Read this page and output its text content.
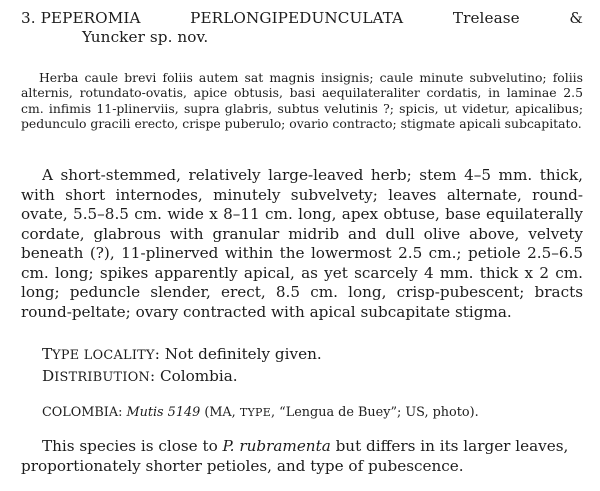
3. PEPEROMIA	PERLONGIPEDUNCULATA	Trelease	&
Yuncker sp. nov.
Herba caule brevi foliis autem sat magnis insignis; caule minute subvelutino; foliis alternis, rotundato-ovatis, apice obtusis, basi aequilateraliter cordatis, in laminae 2.5 cm. infimis 11-plinerviis, supra glabris, subtus velutinis ?; spicis, ut videtur, apicalibus; pedunculo gracili erecto, crispe puberulo; ovario contracto; stigmate apicali subcapitato.
A short-stemmed, relatively large-leaved herb; stem 4–5 mm. thick, with short internodes, minutely subvelvety; leaves alternate, round-ovate, 5.5–8.5 cm. wide x 8–11 cm. long, apex obtuse, base equilaterally cordate, glabrous with granular midrib and dull olive above, velvety beneath (?), 11-plinerved within the lowermost 2.5 cm.; petiole 2.5–6.5 cm. long; spikes apparently apical, as yet scarcely 4 mm. thick x 2 cm. long; peduncle slender, erect, 8.5 cm. long, crisp-pubescent; bracts round-peltate; ovary contracted with apical subcapitate stigma.
TYPE LOCALITY: Not definitely given.
DISTRIBUTION: Colombia.
COLOMBIA: Mutis 5149 (MA, TYPE, “Lengua de Buey”; US, photo).
This species is close to P. rubramenta but differs in its larger leaves, proportionately shorter petioles, and type of pubescence.
